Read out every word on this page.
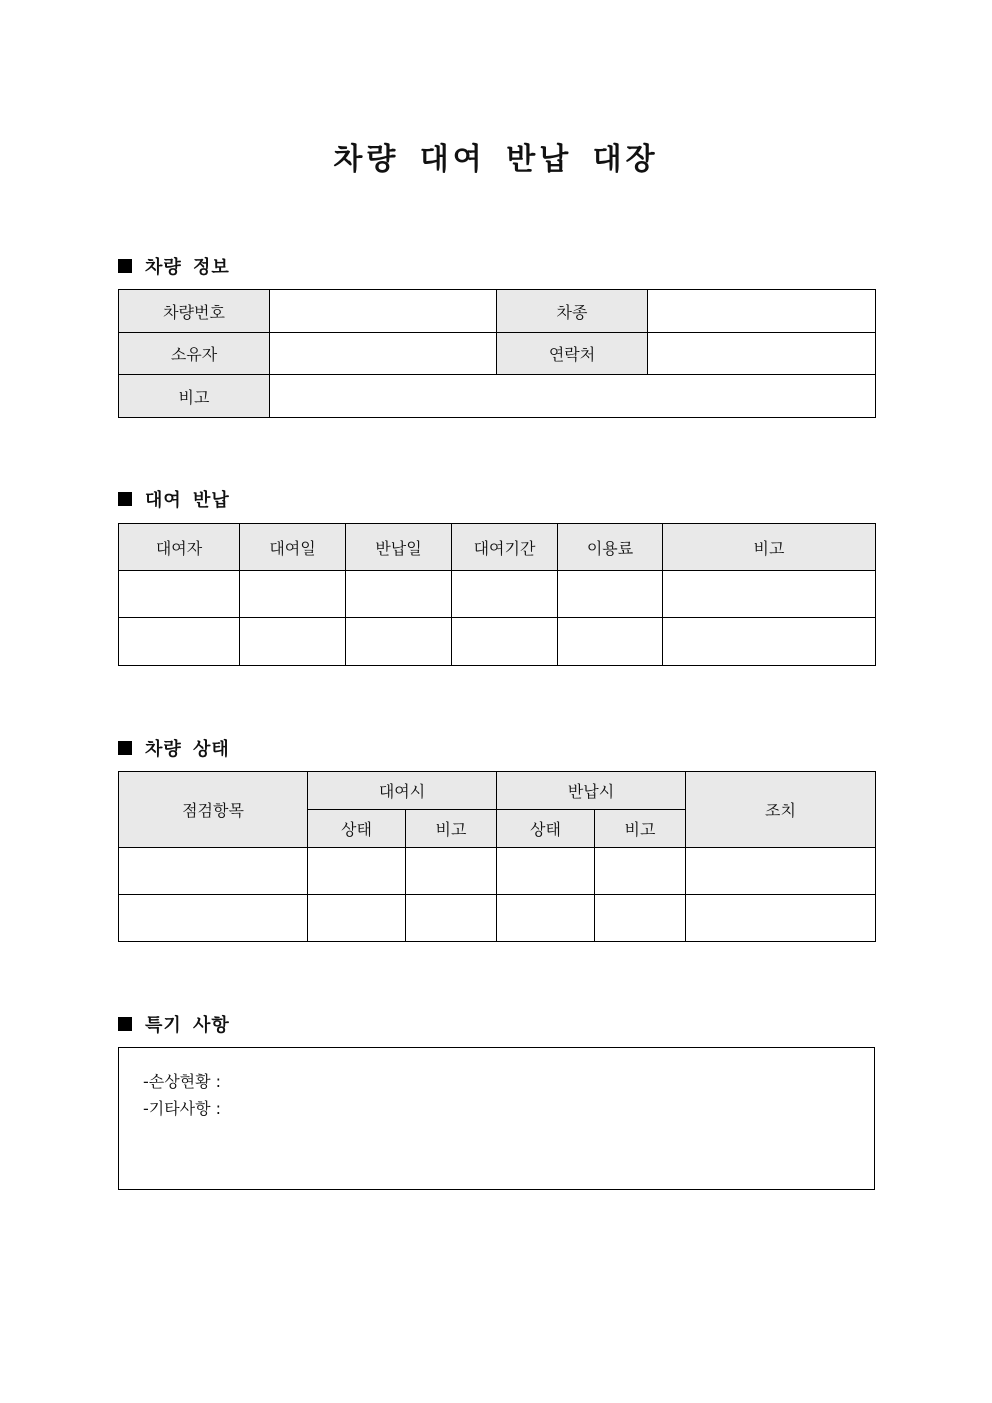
차량 대여 반납 대장
차량 정보
차량번호		차종	
소유자		연락처	
비고			
대여 반납
대여자	대여일	반납일	대여기간	이용료	비고

차량 상태
점검항목	대여시		반납시		조치
	상태	비고	상태	비고	

특기 사항
-손상현황 :
-기타사항 :
